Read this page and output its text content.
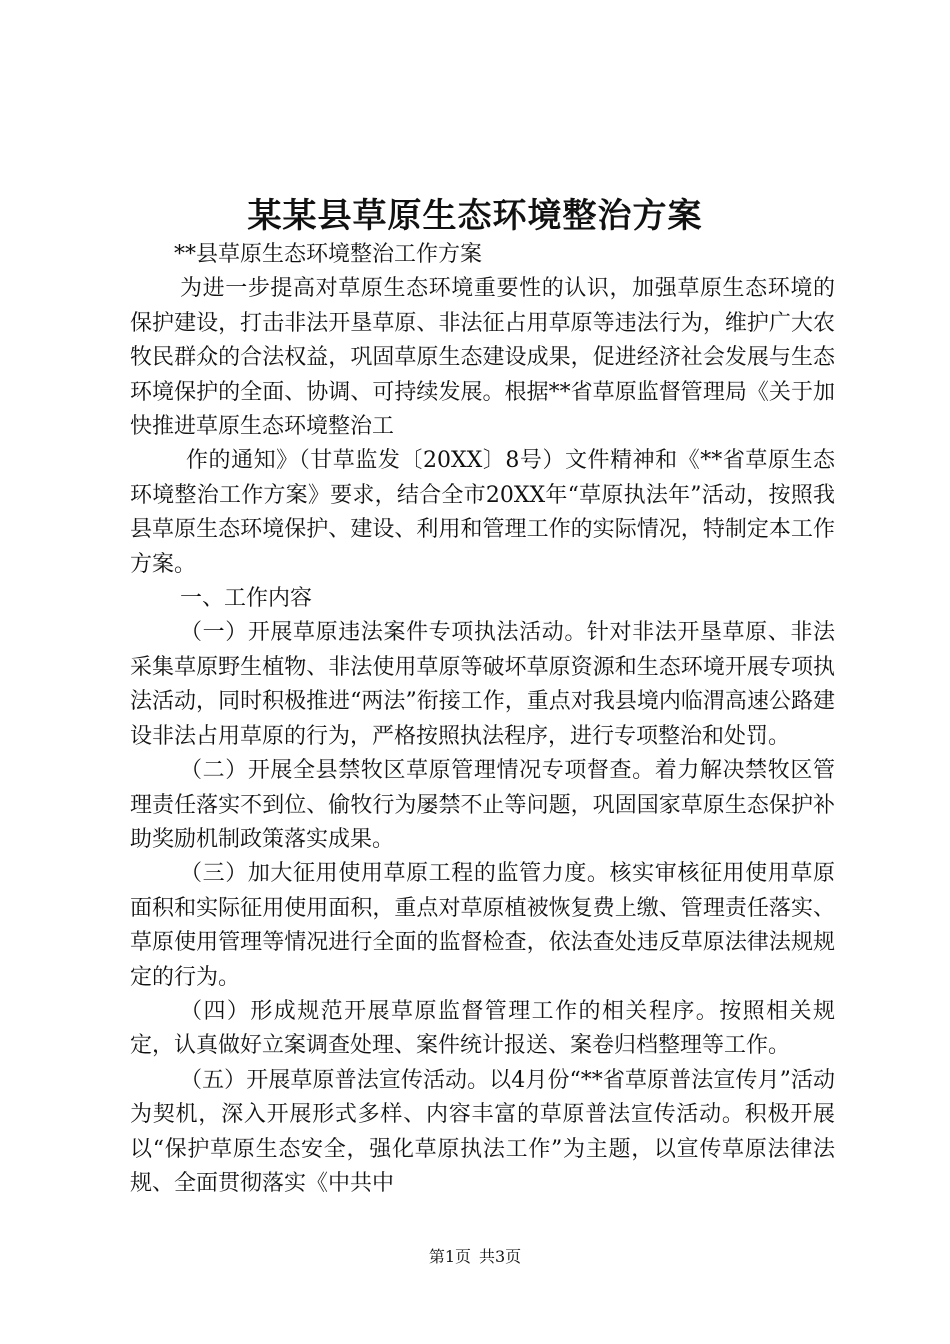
某某县草原生态环境整治方案

**县草原生态环境整治工作方案

为进一步提高对草原生态环境重要性的认识，加强草原生态环境的保护建设，打击非法开垦草原、非法征占用草原等违法行为，维护广大农牧民群众的合法权益，巩固草原生态建设成果，促进经济社会发展与生态环境保护的全面、协调、可持续发展。根据**省草原监督管理局《关于加快推进草原生态环境整治工

作的通知》（甘草监发〔20XX〕8号）文件精神和《**省草原生态环境整治工作方案》要求，结合全市20XX年“草原执法年”活动，按照我县草原生态环境保护、建设、利用和管理工作的实际情况，特制定本工作方案。

一、工作内容

（一）开展草原违法案件专项执法活动。针对非法开垦草原、非法采集草原野生植物、非法使用草原等破坏草原资源和生态环境开展专项执法活动，同时积极推进“两法”衔接工作，重点对我县境内临渭高速公路建设非法占用草原的行为，严格按照执法程序，进行专项整治和处罚。

（二）开展全县禁牧区草原管理情况专项督查。着力解决禁牧区管理责任落实不到位、偷牧行为屡禁不止等问题，巩固国家草原生态保护补助奖励机制政策落实成果。

（三）加大征用使用草原工程的监管力度。核实审核征用使用草原面积和实际征用使用面积，重点对草原植被恢复费上缴、管理责任落实、草原使用管理等情况进行全面的监督检查，依法查处违反草原法律法规规定的行为。

（四）形成规范开展草原监督管理工作的相关程序。按照相关规定，认真做好立案调查处理、案件统计报送、案卷归档整理等工作。

（五）开展草原普法宣传活动。以4月份“**省草原普法宣传月”活动为契机，深入开展形式多样、内容丰富的草原普法宣传活动。积极开展以“保护草原生态安全，强化草原执法工作”为主题，以宣传草原法律法规、全面贯彻落实《中共中

第1页 共3页
